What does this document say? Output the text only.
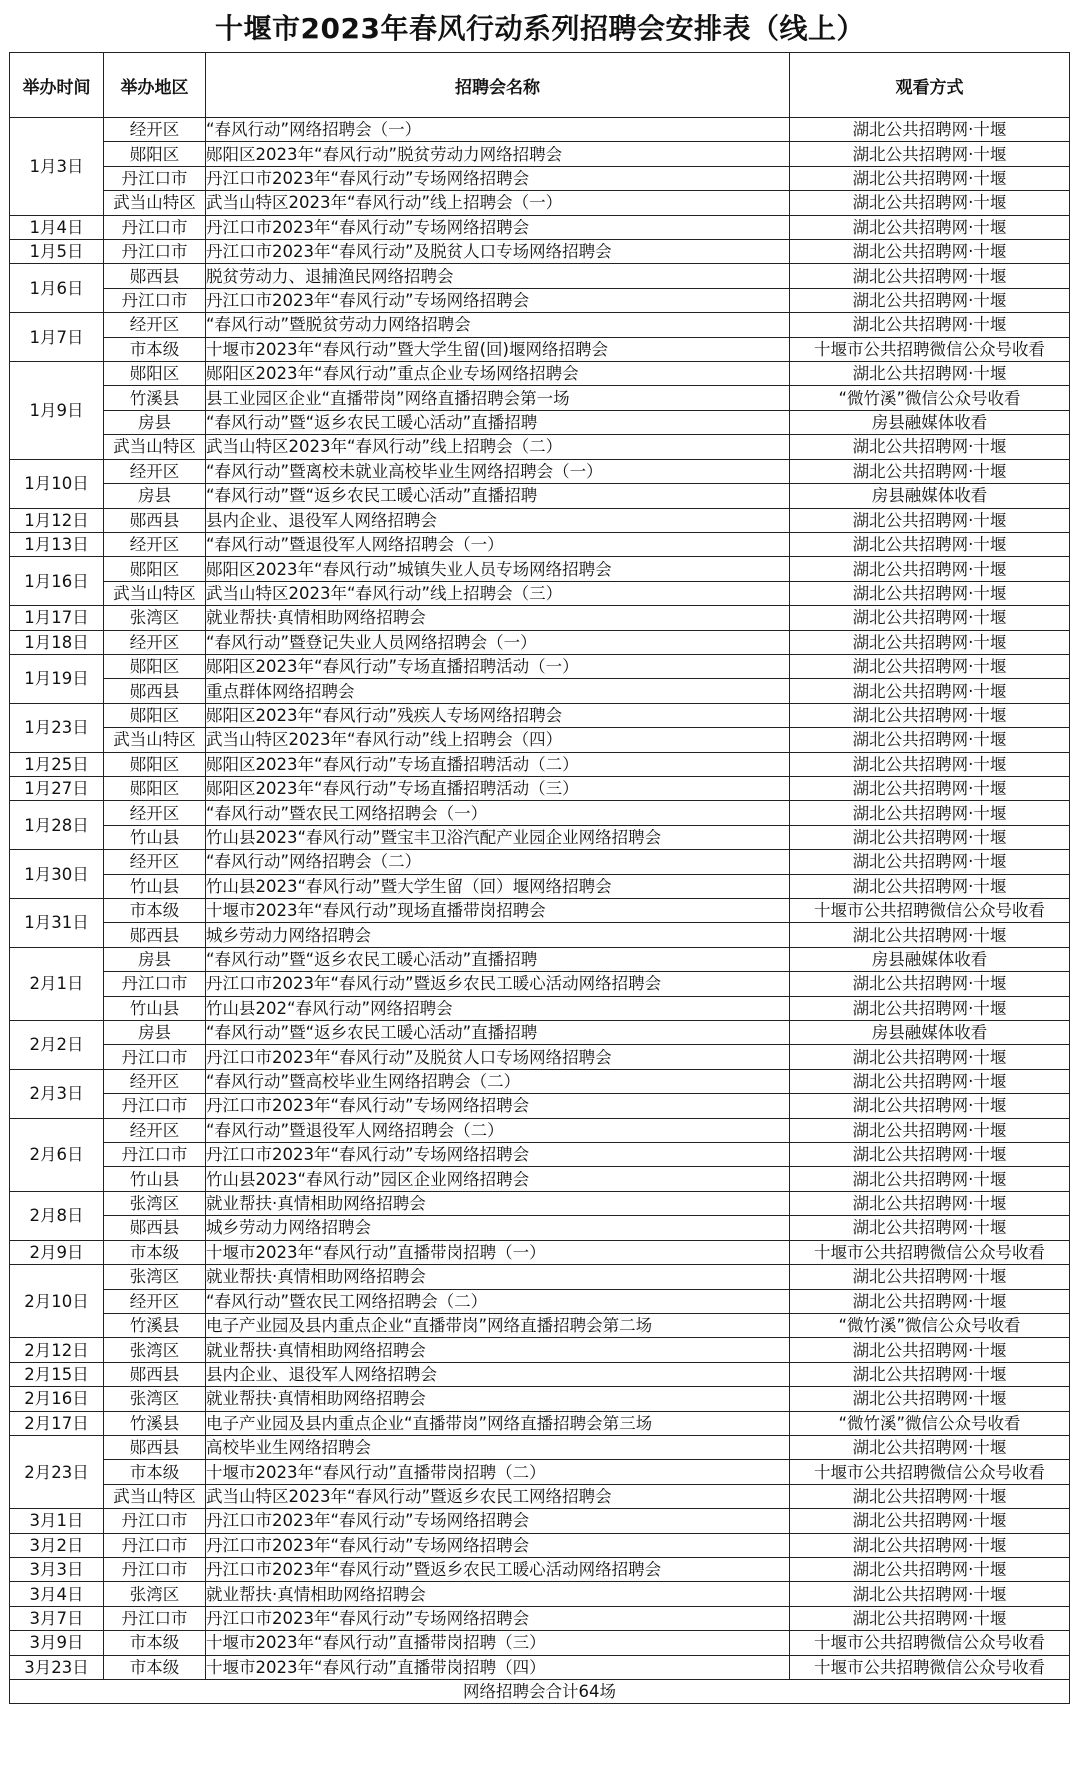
十堰市2023年春风行动系列招聘会安排表（线上）
举办时间	举办地区	招聘会名称	观看方式
1月3日	经开区	“春风行动”网络招聘会（一）	湖北公共招聘网·十堰
	郧阳区	郧阳区2023年“春风行动”脱贫劳动力网络招聘会	湖北公共招聘网·十堰
	丹江口市	丹江口市2023年“春风行动”专场网络招聘会	湖北公共招聘网·十堰
	武当山特区	武当山特区2023年“春风行动”线上招聘会（一）	湖北公共招聘网·十堰
1月4日	丹江口市	丹江口市2023年“春风行动”专场网络招聘会	湖北公共招聘网·十堰
1月5日	丹江口市	丹江口市2023年“春风行动”及脱贫人口专场网络招聘会	湖北公共招聘网·十堰
1月6日	郧西县	脱贫劳动力、退捕渔民网络招聘会	湖北公共招聘网·十堰
	丹江口市	丹江口市2023年“春风行动”专场网络招聘会	湖北公共招聘网·十堰
1月7日	经开区	“春风行动”暨脱贫劳动力网络招聘会	湖北公共招聘网·十堰
	市本级	十堰市2023年“春风行动”暨大学生留(回)堰网络招聘会	十堰市公共招聘微信公众号收看
1月9日	郧阳区	郧阳区2023年“春风行动”重点企业专场网络招聘会	湖北公共招聘网·十堰
	竹溪县	县工业园区企业“直播带岗”网络直播招聘会第一场	“微竹溪”微信公众号收看
	房县	“春风行动”暨“返乡农民工暖心活动”直播招聘	房县融媒体收看
	武当山特区	武当山特区2023年“春风行动”线上招聘会（二）	湖北公共招聘网·十堰
1月10日	经开区	“春风行动”暨离校未就业高校毕业生网络招聘会（一）	湖北公共招聘网·十堰
	房县	“春风行动”暨“返乡农民工暖心活动”直播招聘	房县融媒体收看
1月12日	郧西县	县内企业、退役军人网络招聘会	湖北公共招聘网·十堰
1月13日	经开区	“春风行动”暨退役军人网络招聘会（一）	湖北公共招聘网·十堰
1月16日	郧阳区	郧阳区2023年“春风行动”城镇失业人员专场网络招聘会	湖北公共招聘网·十堰
	武当山特区	武当山特区2023年“春风行动”线上招聘会（三）	湖北公共招聘网·十堰
1月17日	张湾区	就业帮扶·真情相助网络招聘会	湖北公共招聘网·十堰
1月18日	经开区	“春风行动”暨登记失业人员网络招聘会（一）	湖北公共招聘网·十堰
1月19日	郧阳区	郧阳区2023年“春风行动”专场直播招聘活动（一）	湖北公共招聘网·十堰
	郧西县	重点群体网络招聘会	湖北公共招聘网·十堰
1月23日	郧阳区	郧阳区2023年“春风行动”残疾人专场网络招聘会	湖北公共招聘网·十堰
	武当山特区	武当山特区2023年“春风行动”线上招聘会（四）	湖北公共招聘网·十堰
1月25日	郧阳区	郧阳区2023年“春风行动”专场直播招聘活动（二）	湖北公共招聘网·十堰
1月27日	郧阳区	郧阳区2023年“春风行动”专场直播招聘活动（三）	湖北公共招聘网·十堰
1月28日	经开区	“春风行动”暨农民工网络招聘会（一）	湖北公共招聘网·十堰
	竹山县	竹山县2023“春风行动”暨宝丰卫浴汽配产业园企业网络招聘会	湖北公共招聘网·十堰
1月30日	经开区	“春风行动”网络招聘会（二）	湖北公共招聘网·十堰
	竹山县	竹山县2023“春风行动”暨大学生留（回）堰网络招聘会	湖北公共招聘网·十堰
1月31日	市本级	十堰市2023年“春风行动”现场直播带岗招聘会	十堰市公共招聘微信公众号收看
	郧西县	城乡劳动力网络招聘会	湖北公共招聘网·十堰
2月1日	房县	“春风行动”暨“返乡农民工暖心活动”直播招聘	房县融媒体收看
	丹江口市	丹江口市2023年“春风行动”暨返乡农民工暖心活动网络招聘会	湖北公共招聘网·十堰
	竹山县	竹山县202“春风行动”网络招聘会	湖北公共招聘网·十堰
2月2日	房县	“春风行动”暨“返乡农民工暖心活动”直播招聘	房县融媒体收看
	丹江口市	丹江口市2023年“春风行动”及脱贫人口专场网络招聘会	湖北公共招聘网·十堰
2月3日	经开区	“春风行动”暨高校毕业生网络招聘会（二）	湖北公共招聘网·十堰
	丹江口市	丹江口市2023年“春风行动”专场网络招聘会	湖北公共招聘网·十堰
2月6日	经开区	“春风行动”暨退役军人网络招聘会（二）	湖北公共招聘网·十堰
	丹江口市	丹江口市2023年“春风行动”专场网络招聘会	湖北公共招聘网·十堰
	竹山县	竹山县2023“春风行动”园区企业网络招聘会	湖北公共招聘网·十堰
2月8日	张湾区	就业帮扶·真情相助网络招聘会	湖北公共招聘网·十堰
	郧西县	城乡劳动力网络招聘会	湖北公共招聘网·十堰
2月9日	市本级	十堰市2023年“春风行动”直播带岗招聘（一）	十堰市公共招聘微信公众号收看
2月10日	张湾区	就业帮扶·真情相助网络招聘会	湖北公共招聘网·十堰
	经开区	“春风行动”暨农民工网络招聘会（二）	湖北公共招聘网·十堰
	竹溪县	电子产业园及县内重点企业“直播带岗”网络直播招聘会第二场	“微竹溪”微信公众号收看
2月12日	张湾区	就业帮扶·真情相助网络招聘会	湖北公共招聘网·十堰
2月15日	郧西县	县内企业、退役军人网络招聘会	湖北公共招聘网·十堰
2月16日	张湾区	就业帮扶·真情相助网络招聘会	湖北公共招聘网·十堰
2月17日	竹溪县	电子产业园及县内重点企业“直播带岗”网络直播招聘会第三场	“微竹溪”微信公众号收看
2月23日	郧西县	高校毕业生网络招聘会	湖北公共招聘网·十堰
	市本级	十堰市2023年“春风行动”直播带岗招聘（二）	十堰市公共招聘微信公众号收看
	武当山特区	武当山特区2023年“春风行动”暨返乡农民工网络招聘会	湖北公共招聘网·十堰
3月1日	丹江口市	丹江口市2023年“春风行动”专场网络招聘会	湖北公共招聘网·十堰
3月2日	丹江口市	丹江口市2023年“春风行动”专场网络招聘会	湖北公共招聘网·十堰
3月3日	丹江口市	丹江口市2023年“春风行动”暨返乡农民工暖心活动网络招聘会	湖北公共招聘网·十堰
3月4日	张湾区	就业帮扶·真情相助网络招聘会	湖北公共招聘网·十堰
3月7日	丹江口市	丹江口市2023年“春风行动”专场网络招聘会	湖北公共招聘网·十堰
3月9日	市本级	十堰市2023年“春风行动”直播带岗招聘（三）	十堰市公共招聘微信公众号收看
3月23日	市本级	十堰市2023年“春风行动”直播带岗招聘（四）	十堰市公共招聘微信公众号收看
网络招聘会合计64场			
